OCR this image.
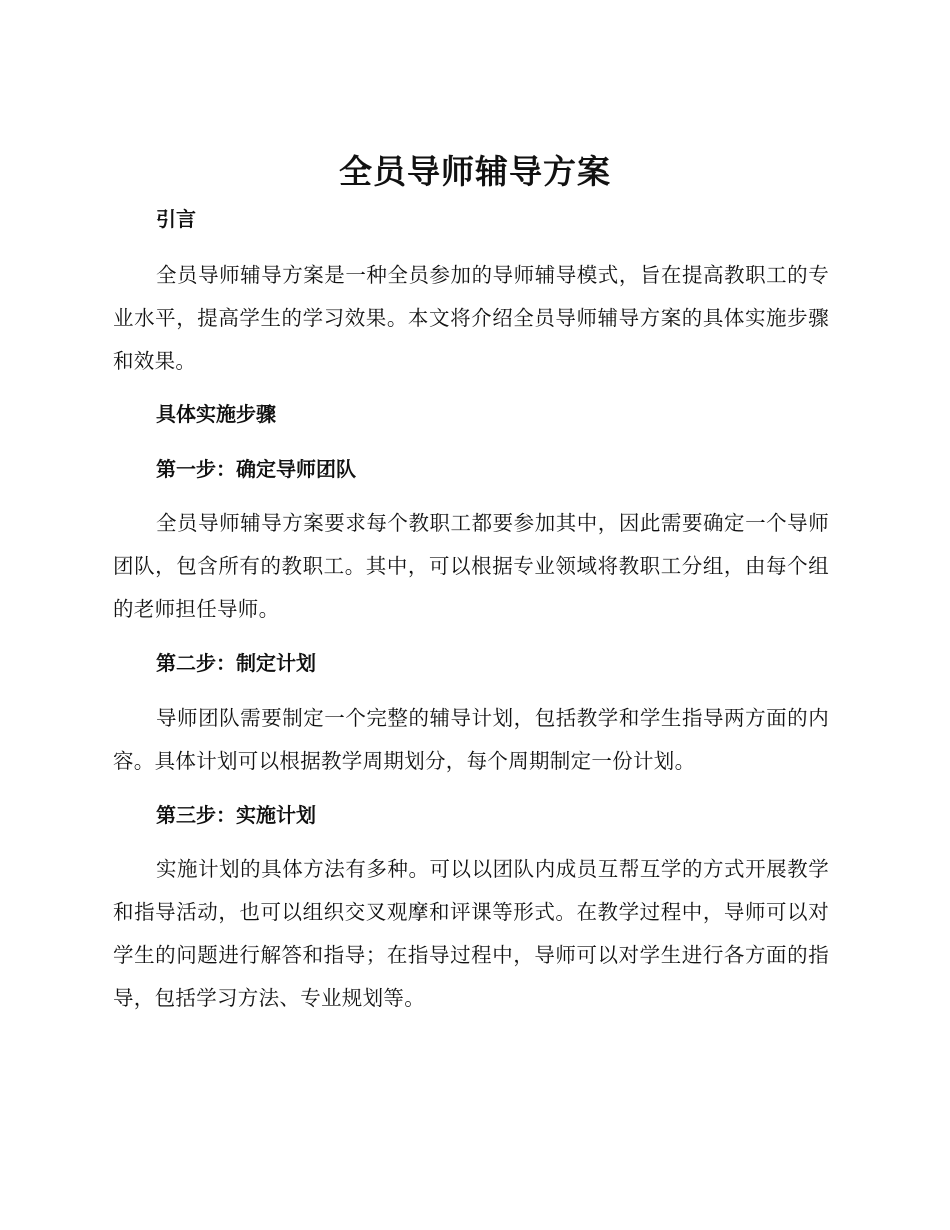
全员导师辅导方案
引言
全员导师辅导方案是一种全员参加的导师辅导模式，旨在提高教职工的专业水平，提高学生的学习效果。本文将介绍全员导师辅导方案的具体实施步骤和效果。
具体实施步骤
第一步：确定导师团队
全员导师辅导方案要求每个教职工都要参加其中，因此需要确定一个导师团队，包含所有的教职工。其中，可以根据专业领域将教职工分组，由每个组的老师担任导师。
第二步：制定计划
导师团队需要制定一个完整的辅导计划，包括教学和学生指导两方面的内容。具体计划可以根据教学周期划分，每个周期制定一份计划。
第三步：实施计划
实施计划的具体方法有多种。可以以团队内成员互帮互学的方式开展教学和指导活动，也可以组织交叉观摩和评课等形式。在教学过程中，导师可以对学生的问题进行解答和指导；在指导过程中，导师可以对学生进行各方面的指导，包括学习方法、专业规划等。
